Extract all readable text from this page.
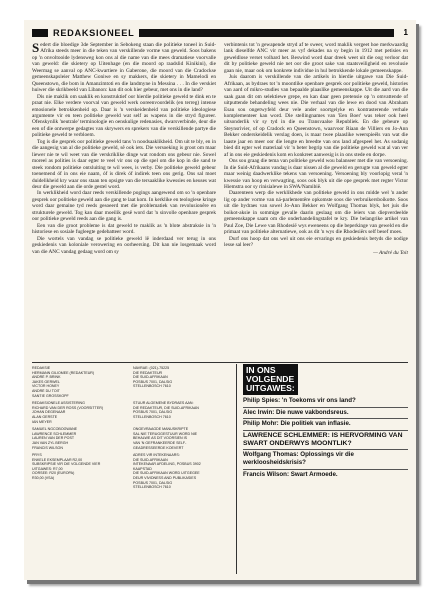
REDAKSIONEEL	1

Sedert die bloedige 3de September in Sebokeng staan die politieke toneel in Suid-Afrika steeds meer in die teken van verskillende vorme van geweld. Soos bakens op 'n onvoltooide lydensweg kon ons al die name van die mees dramatiese voorvalle van geweld: die skietery op Uitenhage (en die moord op raadslid Kinikini), die Weermag se aanval op ANC-kwartiere in Gaberone, die moord van die Cradockse gemeenskapsleier Matthew Goniwe en sy makkers, die skietery in Mamelodi en Queenstown, die bom in Amanzimtoti en die landmyne in Messina . . . In die verskiet huiwer die skrikbeeld van Libanon: kan dit ook hier gebeur, met ons in die land?

Dis nie maklik om saaklik en konstruktief oor hierdie politieke geweld te dink en te praat nie. Elke verdere voorval van geweld werk ooreenvoordelik (en terreg) intense emosionele betrokkenheid op. Daar is 'n verskeidenheid van politieke ideologiese argumente vir en teen politieke geweld wat self as wapens in die stryd figureer. Ofenskynlik 'neutrale' terminologie en oenskulige redenasies, dwarsverbinde, deur die een of die ontwerpe gedagtes van skrywers en sprekers van die verskillende partye die politieke geweld te verbloem.

Tog is die gesprek oor politieke geweld tans 'n noodsaaklikheid. Om uit te bly, en in die aangesig van al die politieke geweld, sê ook iets. Die versoeking is groot om maar liewer nie te wil weet van die verskriklike dinge wat rondom ons gebeur nie. Sowel moreel as polities is daar egter te veel vir ons op die spel om die kop in die sand te steek rondom politieke ontsluiting te wil wees, is verby. Die politieke geweld gebeur toenemend óf in ons eie naam, óf is direk óf indirek teen ons gerig. Ons sal moet duidelikheid kry waar ons staan ten opsigte van die tersaaklike kwessies en keuses wat deur die geweld aan die orde gestel word.

In werklikheid word daar reeds verskillende pogings aangewend om so 'n openbare gesprek oor politieke geweld aan die gang te laat kom. In kerklike en teologiese kringe word daar gemaine tyd reeds gesoeerd met die problematiek van revolusionêre en strukturele geweld. Tog kan daar moeilik gesê word dat 'n sinvolle openbare gesprek oor politieke geweld reeds aan die gang is.

Een van die groot probleme is dat geweld te maklik as 'n blote abstraksie in 'n historiese en sosiale fugleegte gedebatteer word.

Die wortels van vandag se politieke geweld lê inderdaad ver terug in ons geskiedenis van koloniale verowering en oorheersing. Dit kan nie losgemaak word van die ANC vandag gedaag word om sy

verbintenis tot 'n gewapende stryd af te sweer, word maklik vergeet hoe merkwaardig lank dieselfde ANC vir meer as vyf dekades na sy begin in 1912 met petisies en geweldlose verset volhard het. Beswind word daar dreek weet uit die oog verloor dat dit by politieke geweld nie net oor die groot sake van staatsveiligheid en revolusie gaan nie, maar ook om konkrete individue in hul betrokkende lokale gemeenskappe.

Juis daarom is verskillende van die artikels in hierdie uitgawe van Die Suid-Afrikaan, as bydraes tot 'n moontlike openbare gesprek oor politieke geweld, histories van aard of mikro-studies van bepaalde plaaslike gemeenskappe. Uit die aard van die saak gaan dit om selektiewe grepe, en kan daar geen pretensie op 'n omvattende of uitputtende behandeling wees nie. Die verhaal van die lewe en dood van Abraham Esau sou ongetwyfeld deur vele ander soortgelyke en kontrasterende verhale komplementeer kan word. Die stellingnames van 'Een Boer' was teker ook heel uitsonderlik vir sy tyd in die ou Transvaalse Republiek. En die gebeure op Steynsrivier, of op Cradock en Queenstown, waarvoor Riaan de Villiers en Jo-Ann Bekker onderskeidelik verslag doen, is maar twee plaaslike weerspieëls van wat die laaste jaar en meer oor die lengte en breedte van ons land afgespeel het. As sodanig bied dit egter wel materiaal vir 'n beter begrip van die politieke geweld wat al van ver af in ons eie geskiedenis kom en konkreet aanwesig is in ons stede en dorpe.

Ons sou graag die tema van politieke geweld wou balanseer met die van versoening. In die Suid-Afrikaans vandag is daar nissen al die geweld en gerugte van geweld egter maar weinig daadwerklike tekens van versoening. Versoening bly voorlopig veral 'n kwessie van hoop en verwagting, soos ook blyk uit die ope gesprek met regter Victor Hiemstra oor sy rinisialewe in SWA/Namibië.

Daarenteen werp die werklikhede van politieke geweld in ons midde wel 'n ander lig op ander vorme van ná-parlementêre opkomste soos die verbruikersboikotte. Soos uit die bydraes van sowel Jo-Ann Bekker en Wolfgang Thomas blyk, het juis die boikot-aksie in sommige gevalle daarin geslaag om die leiers van diepverdeelde gemeenskappe saam om die onderhandelingstafel te kry. Die belangrike artikel van Paul Zoe, Die Lewe van Rhodesië wys eweneens op die beperkinge van geweld en die primaat van politieke alternatiewe, ook as dit 'n wys die Rhodesiërs self besef moes.

Durf ons hoop dat ons wel uit ons eie ervarings en geskiedenis betyds die nodige lesse sal leer?

— André du Toit
REDAKSIE	NAVRAE: (021)-75225
HERMANN GILIOMEE (REDAKTEUR)	DIE REDAKTEUR
ANDRÉ P. BRINK	DIE SUID-AFRIKAAN
JAKES GERWEL	POSBUS 7001, DALSIG
VICTOR HONEY	STELLENBOSCH 7610
ANDRÉ DU TOIT
SANTIE GROSSKOPF
REDAKSIONELE ASSISTERING	STUUR ALGEMENE BYDRAES AAN:
RICHARD VAN DER ROSS (VOORSITTER)	DIE REDAKTEUR, DIE SUID-AFRIKAAN
JOHAN DEGENAAR	POSBUS 7001, DALSIG
ALAN GERSTE	STELLENBOSCH 7610
IAN MEYER
SAMUEL NGCOBOGWANE	ONGEVRAAGDE MANUSKRIPTE
LAWRENCE SCHLEMMER	SAL NIE TERUGGESTUUR WORD NIE
LAUREN VAN DER POST	BEHALWE AS DIT VOORSIEN IS
JAN VAN ZYL BERGH	VAN 'N GEFRANKEERDE SELF-
FRANCIS WILSON	GEADRESSEERDE KOEVERT
PRYS	ADRES VIR INTEKENAARS:
ENKELE EKSEMPLAAR R2,00	DIE SUID-AFRIKAAN
SUBSKRIPSIE VIR DIE VOLGENDE VIER	INTEKENAAR AFDELING, POSBUS 3902
UITGAWES: R7,00	KAAPSTAD
OORSEE: R20 (EUROPA)	DIE SUID-AFRIKAAN WORD UITGEGEE
R30,00 (VSA)	DEUR VIVIDNESS AND PUBLIKASIES
POSBUS 7001, DALSIG
STELLENBOSCH 7610
IN ONS
VOLGENDE
UITGAWES:
Philip Spies: 'n Toekoms vir ons land?
Alec Irwin: Die nuwe vakbondsreus.
Philip Mohr: Die politiek van inflasie.
LAWRENCE SCHLEMMER: IS HERVORMING VAN SWART ONDERWYS MOONTLIK?
Wolfgang Thomas: Oplossings vir die werkloosheidskrisis?
Francis Wilson: Swart Armoede.
